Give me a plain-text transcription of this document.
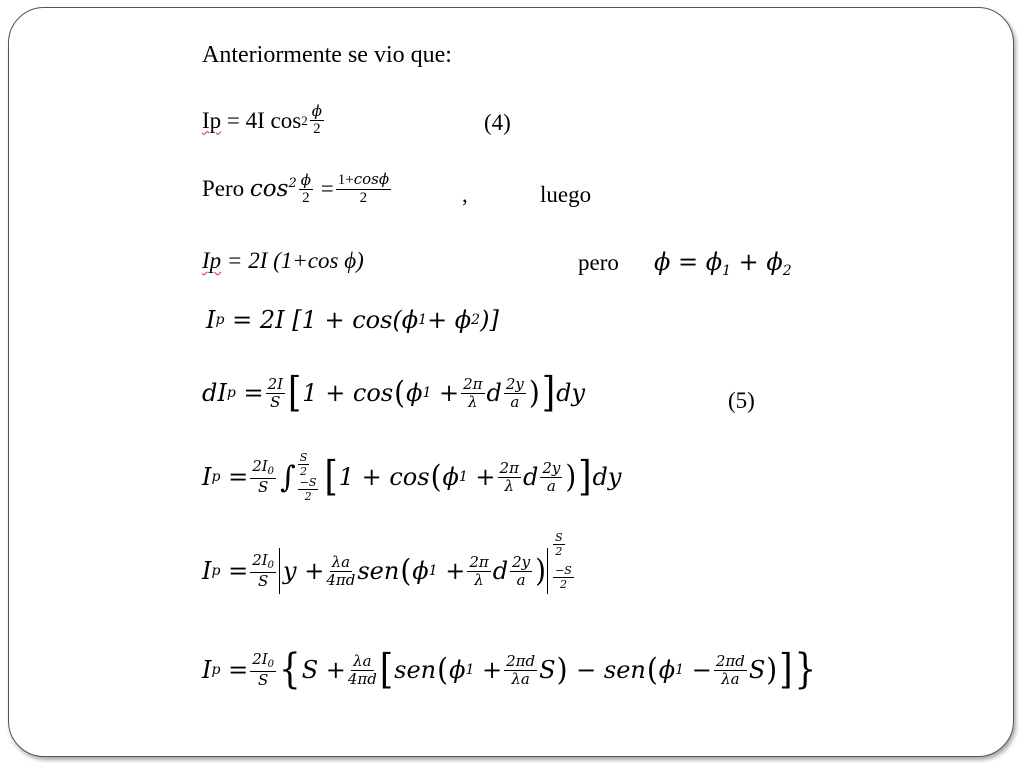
Anteriormente se vio que:
Ip = 4I $\cos 2 \frac{\phi}{2}$	(4)
Pero
$\cos^2 \frac{\phi}{2} = \frac{1+\cos\phi}{2}$	,	luego
Ip = 2I (1+cos ϕ)	pero $\phi = \phi_1 + \phi_2$
I p = 2I [1 + cos(ϕ 1 + ϕ 2 )]
dI $p = \frac{2I}{S}$ [ 1 + cos ( ϕ $1 + \frac{2\pi}{\lambda}$ d $\frac{2y}{a}$ ) ] dy	(5)
I $p = \frac{2I_0}{S}$ ∫ $\frac{S}{2}$
$\frac{-S}{2}$ [ 1 + cos ( ϕ $1 + \frac{2\pi}{\lambda}$ d $\frac{2y}{a}$ ) ] dy
I $p = \frac{2I_0}{S}$ $y + \frac{\lambda a}{4\pi d}$ sen ( ϕ $1 + \frac{2\pi}{\lambda}$ d $\frac{2y}{a}$ )
$\frac{S}{2}$
$\frac{-S}{2}$
I $p = \frac{2I_0}{S}$ { $S + \frac{\lambda a}{4\pi d}$ [ sen ( ϕ $1 + \frac{2\pi d}{\lambda a}$ S ) − sen ( ϕ $1 - \frac{2\pi d}{\lambda a}$ S ) ] }
